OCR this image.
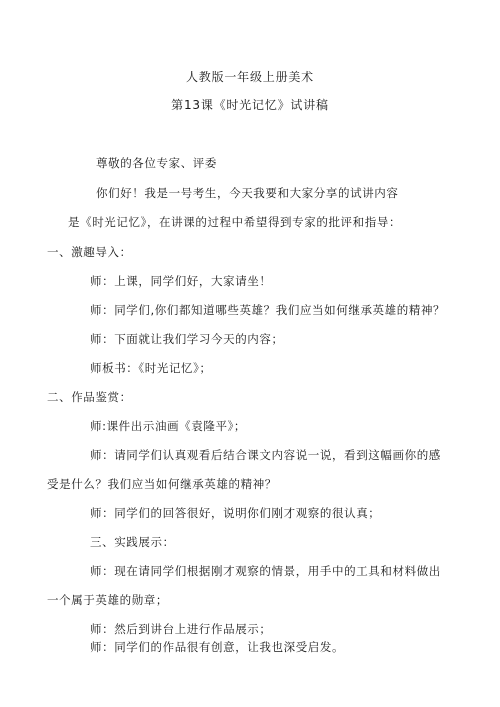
人教版一年级上册美术
第13课《时光记忆》试讲稿
尊敬的各位专家、评委
你们好！我是一号考生，今天我要和大家分享的试讲内容
是《时光记忆》，在讲课的过程中希望得到专家的批评和指导：
一、激趣导入：
师：上课，同学们好，大家请坐！
师：同学们,你们都知道哪些英雄？我们应当如何继承英雄的精神？
师：下面就让我们学习今天的内容；
师板书：《时光记忆》；
二、作品鉴赏：
师:课件出示油画《袁隆平》；
师：请同学们认真观看后结合课文内容说一说，看到这幅画你的感
受是什么？我们应当如何继承英雄的精神？
师：同学们的回答很好，说明你们刚才观察的很认真；
三、实践展示：
师：现在请同学们根据刚才观察的情景，用手中的工具和材料做出
一个属于英雄的勋章；
师：然后到讲台上进行作品展示；
师：同学们的作品很有创意，让我也深受启发。
